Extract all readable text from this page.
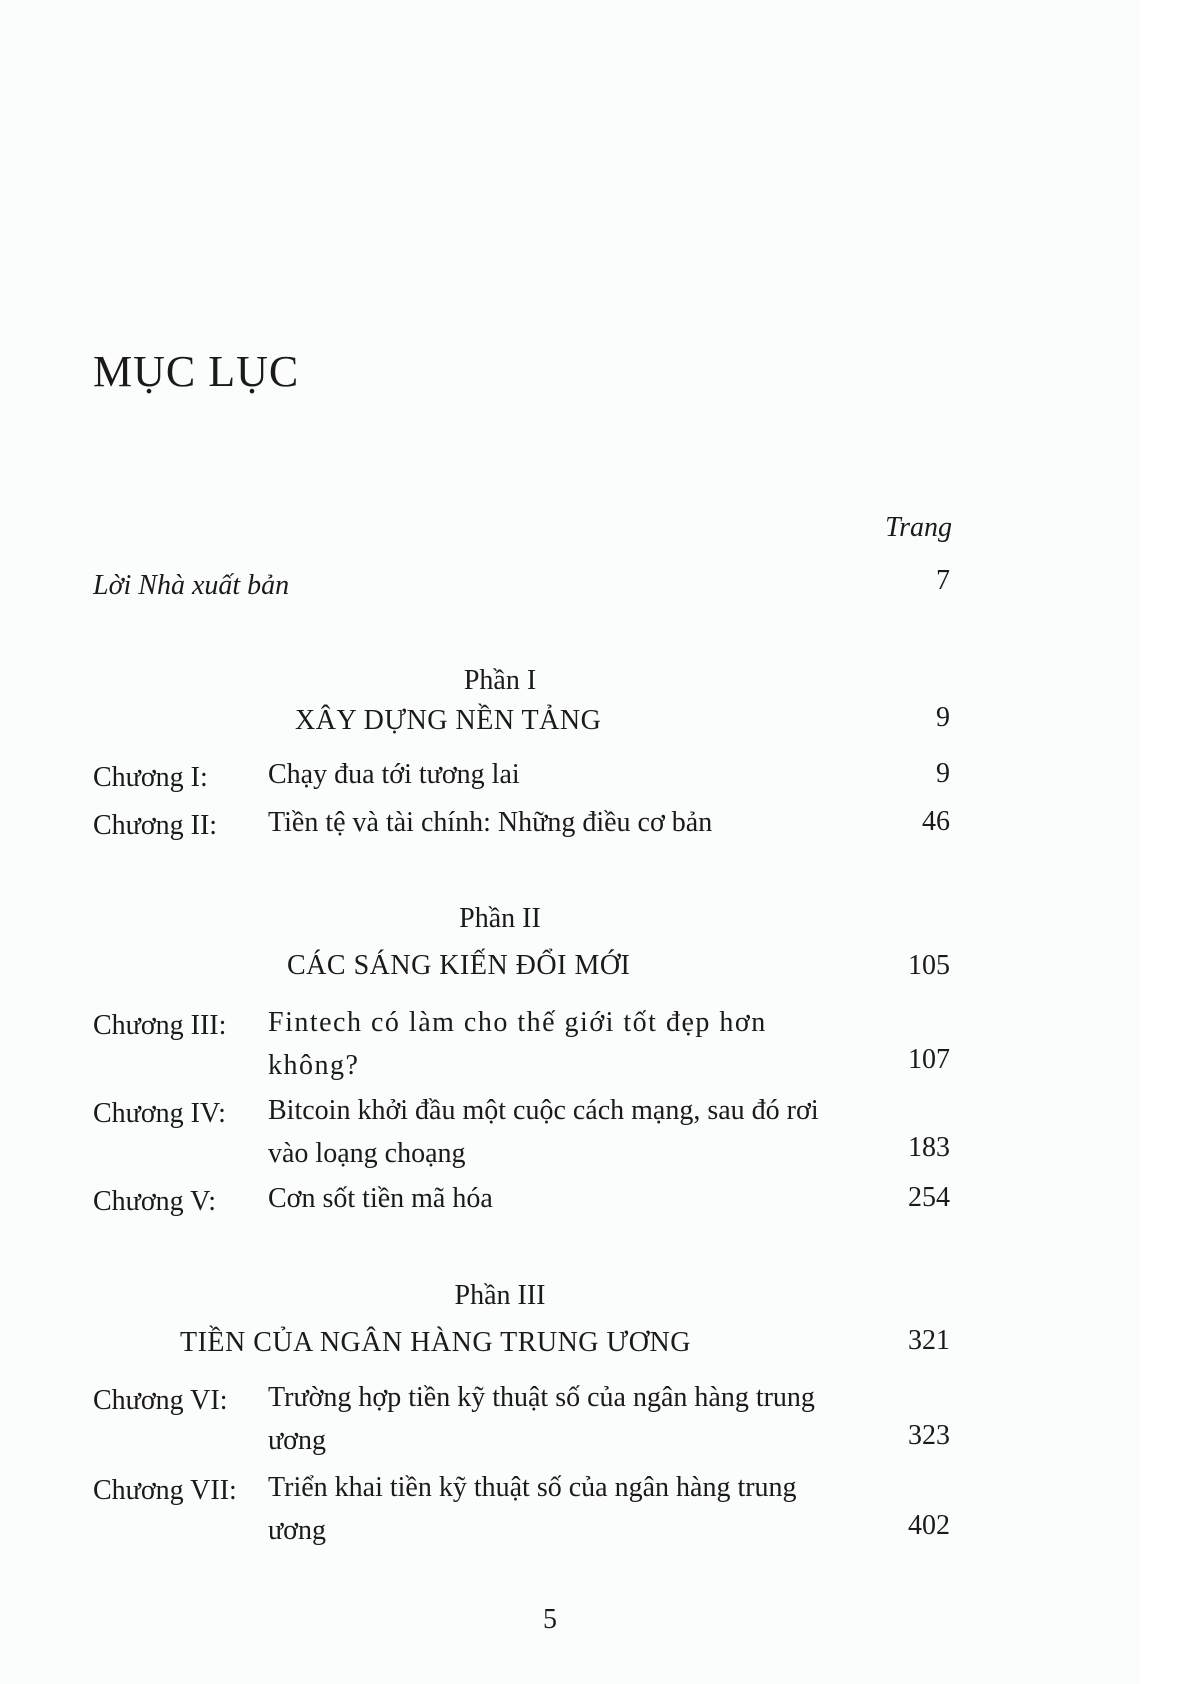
MỤC LỤC
Trang
Lời Nhà xuất bản	7
Phần I
XÂY DỰNG NỀN TẢNG	9
Chương I: Chạy đua tới tương lai	9
Chương II: Tiền tệ và tài chính: Những điều cơ bản	46
Phần II
CÁC SÁNG KIẾN ĐỔI MỚI	105
Chương III: Fintech có làm cho thế giới tốt đẹp hơn không?	107
Chương IV: Bitcoin khởi đầu một cuộc cách mạng, sau đó rơi vào loạng choạng	183
Chương V: Cơn sốt tiền mã hóa	254
Phần III
TIỀN CỦA NGÂN HÀNG TRUNG ƯƠNG	321
Chương VI: Trường hợp tiền kỹ thuật số của ngân hàng trung ương	323
Chương VII: Triển khai tiền kỹ thuật số của ngân hàng trung ương	402
5
